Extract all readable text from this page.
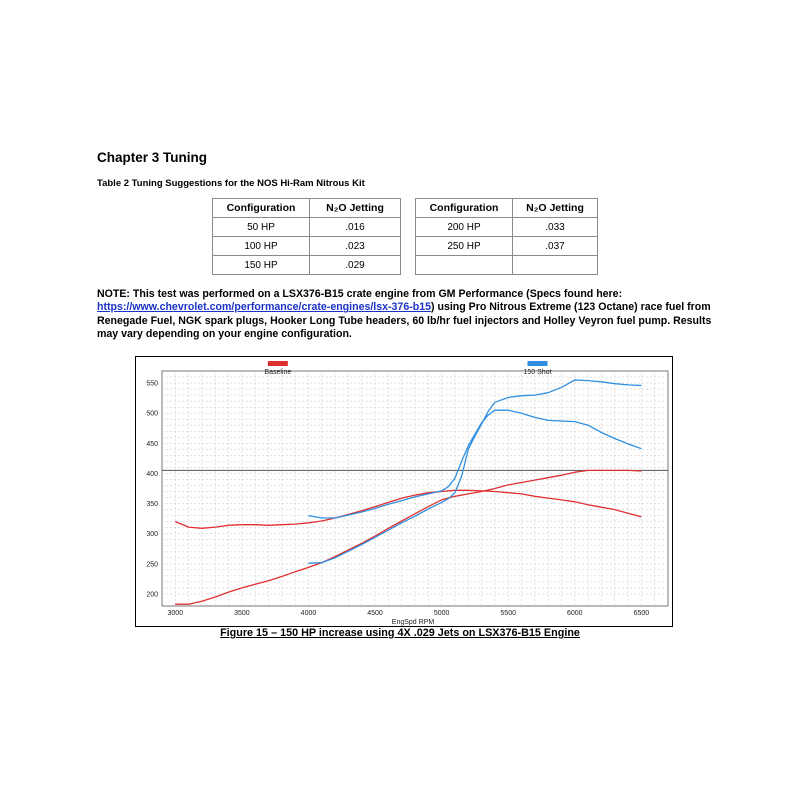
Chapter 3 Tuning

Table 2 Tuning Suggestions for the NOS Hi-Ram Nitrous Kit

Configuration	N₂O Jetting
50 HP	.016
100 HP	.023
150 HP	.029
Configuration	N₂O Jetting
200 HP	.033
250 HP	.037

NOTE: This test was performed on a LSX376-B15 crate engine from GM Performance (Specs found here: https://www.chevrolet.com/performance/crate-engines/lsx-376-b15) using Pro Nitrous Extreme (123 Octane) race fuel from Renegade Fuel, NGK spark plugs, Hooker Long Tube headers, 60 lb/hr fuel injectors and Holley Veyron fuel pump. Results may vary depending on your engine configuration.

3000	3500	4000	4500	5000	5500	6000	6500
200
250
300
350
400
450
500
550
EngSpd RPM
Baseline	150 Shot

Figure 15 – 150 HP increase using 4X .029 Jets on LSX376-B15 Engine
